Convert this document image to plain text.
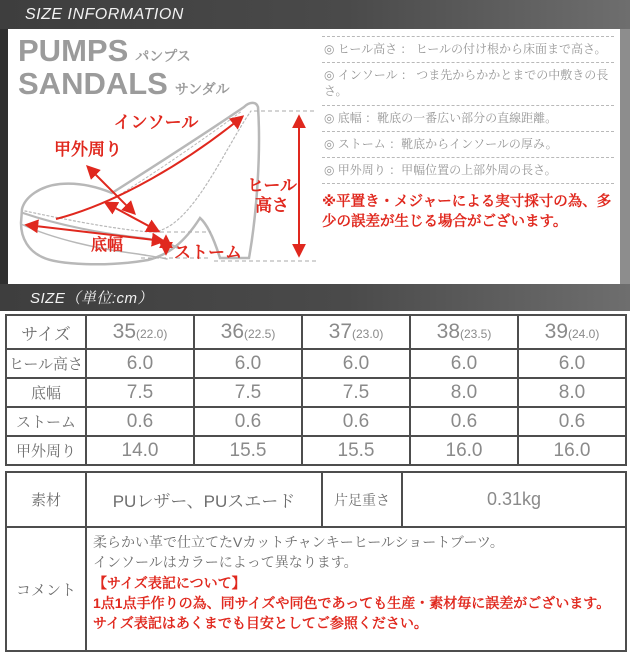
SIZE INFORMATION
PUMPS パンプス
SANDALS サンダル
インソール
甲外周り
底幅	ストーム
ヒール
高さ
◎ ヒール高さ ： ヒールの付け根から床面まで高さ。
◎ インソール ： つま先からかかとまでの中敷きの長さ。
◎ 底幅 ：靴底の一番広い部分の直線距離。
◎ ストーム ：靴底からインソールの厚み。
◎ 甲外周り ：甲幅位置の上部外周の長さ。
※平置き・メジャーによる実寸採寸の為、多少の誤差が生じる場合がございます。
SIZE（単位:cm）
サイズ	35(22.0)	36(22.5)	37(23.0)	38(23.5)	39(24.0)
ヒール高さ	6.0	6.0	6.0	6.0	6.0
底幅	7.5	7.5	7.5	8.0	8.0
ストーム	0.6	0.6	0.6	0.6	0.6
甲外周り	14.0	15.5	15.5	16.0	16.0
素材	PUレザー、PUスエード	片足重さ	0.31kg
コメント	柔らかい革で仕立てたVカットチャンキーヒールショートブーツ。
インソールはカラーによって異なります。
【サイズ表記について】
1点1点手作りの為、同サイズや同色であっても生産・素材毎に誤差がございます。サイズ表記はあくまでも目安としてご参照ください。		
